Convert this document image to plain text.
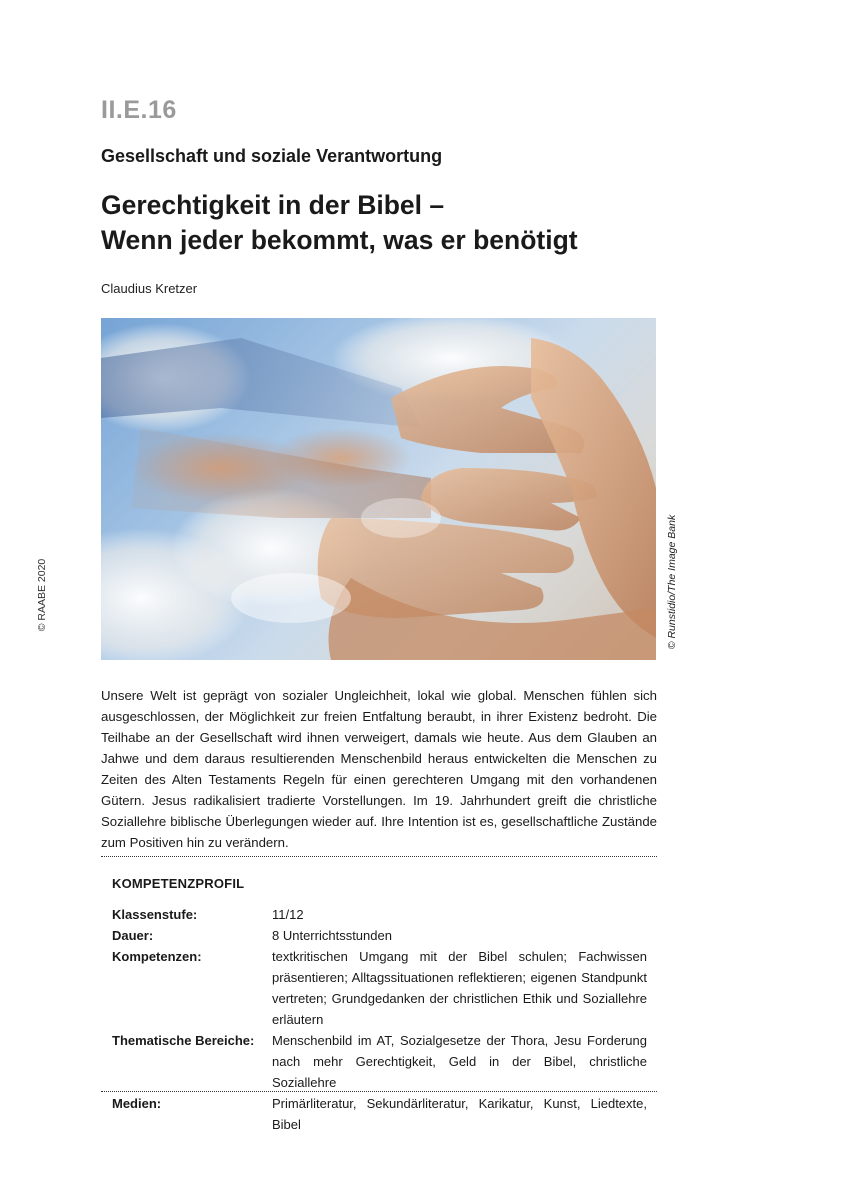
II.E.16
Gesellschaft und soziale Verantwortung
Gerechtigkeit in der Bibel –
Wenn jeder bekommt, was er benötigt
Claudius Kretzer
© RAABE 2020	© Runstidio/The Image Bank
Unsere Welt ist geprägt von sozialer Ungleichheit, lokal wie global. Menschen fühlen sich ausgeschlossen, der Möglichkeit zur freien Entfaltung beraubt, in ihrer Existenz bedroht. Die Teilhabe an der Gesellschaft wird ihnen verweigert, damals wie heute. Aus dem Glauben an Jahwe und dem daraus resultierenden Menschenbild heraus entwickelten die Menschen zu Zeiten des Alten Testaments Regeln für einen gerechteren Umgang mit den vorhandenen Gütern. Jesus radikalisiert tradierte Vorstellungen. Im 19. Jahrhundert greift die christliche Soziallehre biblische Überlegungen wieder auf. Ihre Intention ist es, gesellschaftliche Zustände zum Positiven hin zu verändern.
KOMPETENZPROFIL
Klassenstufe:	11/12
Dauer:	8 Unterrichtsstunden
Kompetenzen:	textkritischen Umgang mit der Bibel schulen; Fachwissen präsentieren; Alltagssituationen reflektieren; eigenen Standpunkt vertreten; Grundgedanken der christlichen Ethik und Soziallehre erläutern
Thematische Bereiche:	Menschenbild im AT, Sozialgesetze der Thora, Jesu Forderung nach mehr Gerechtigkeit, Geld in der Bibel, christliche Soziallehre
Medien:	Primärliteratur, Sekundärliteratur, Karikatur, Kunst, Liedtexte, Bibel
